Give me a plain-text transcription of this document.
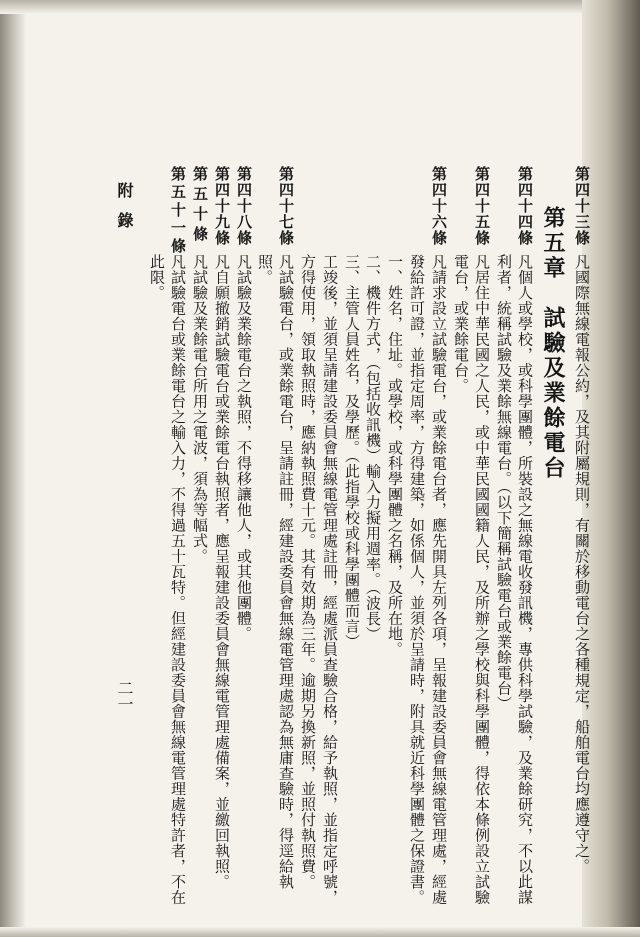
第四十三條
凡國際無線電報公約，及其附屬規則，有關於移動電台之各種規定，船舶電台均應遵守之。
第五章　試驗及業餘電台
第四十四條
凡個人或學校，或科學團體，所裝設之無線電收發訊機，專供科學試驗，及業餘研究，不以此謀
利者，統稱試驗及業餘無線電台。（以下簡稱試驗電台或業餘電台）
第四十五條
凡居住中華民國之人民，或中華民國國籍人民，及所辦之學校與科學團體，得依本條例設立試驗
電台，或業餘電台。
第四十六條
凡請求設立試驗電台，或業餘電台者，應先開具左列各項，呈報建設委員會無線電管理處，經處
發給許可證，並指定周率，方得建築，如係個人，並須於呈請時，附具就近科學團體之保證書。
一、姓名，住址。或學校，或科學團體之名稱，及所在地。
二、機件方式，（包括收訊機）輸入力擬用週率。（波長）
三、主管人員姓名，及學歷。（此指學校或科學團體而言）
工竣後，並須呈請建設委員會無線電管理處註冊，經處派員查驗合格，給予執照，並指定呼號，
方得使用，領取執照時，應納執照費十元。其有效期為三年。逾期另換新照，並照付執照費。
第四十七條
凡試驗電台，或業餘電台，呈請註冊，經建設委員會無線電管理處認為無庸查驗時，得逕給執
照。
第四十八條
凡試驗及業餘電台之執照，不得移讓他人，或其他團體。
第四十九條
凡自願撤銷試驗電台或業餘電台執照者，應呈報建設委員會無線電管理處備案，並繳回執照。
第五十條
凡試驗及業餘電台所用之電波，須為等幅式。
第五十一條
凡試驗電台或業餘電台之輸入力，不得過五十瓦特。但經建設委員會無線電管理處特許者，不在
此限。
附錄
二一
